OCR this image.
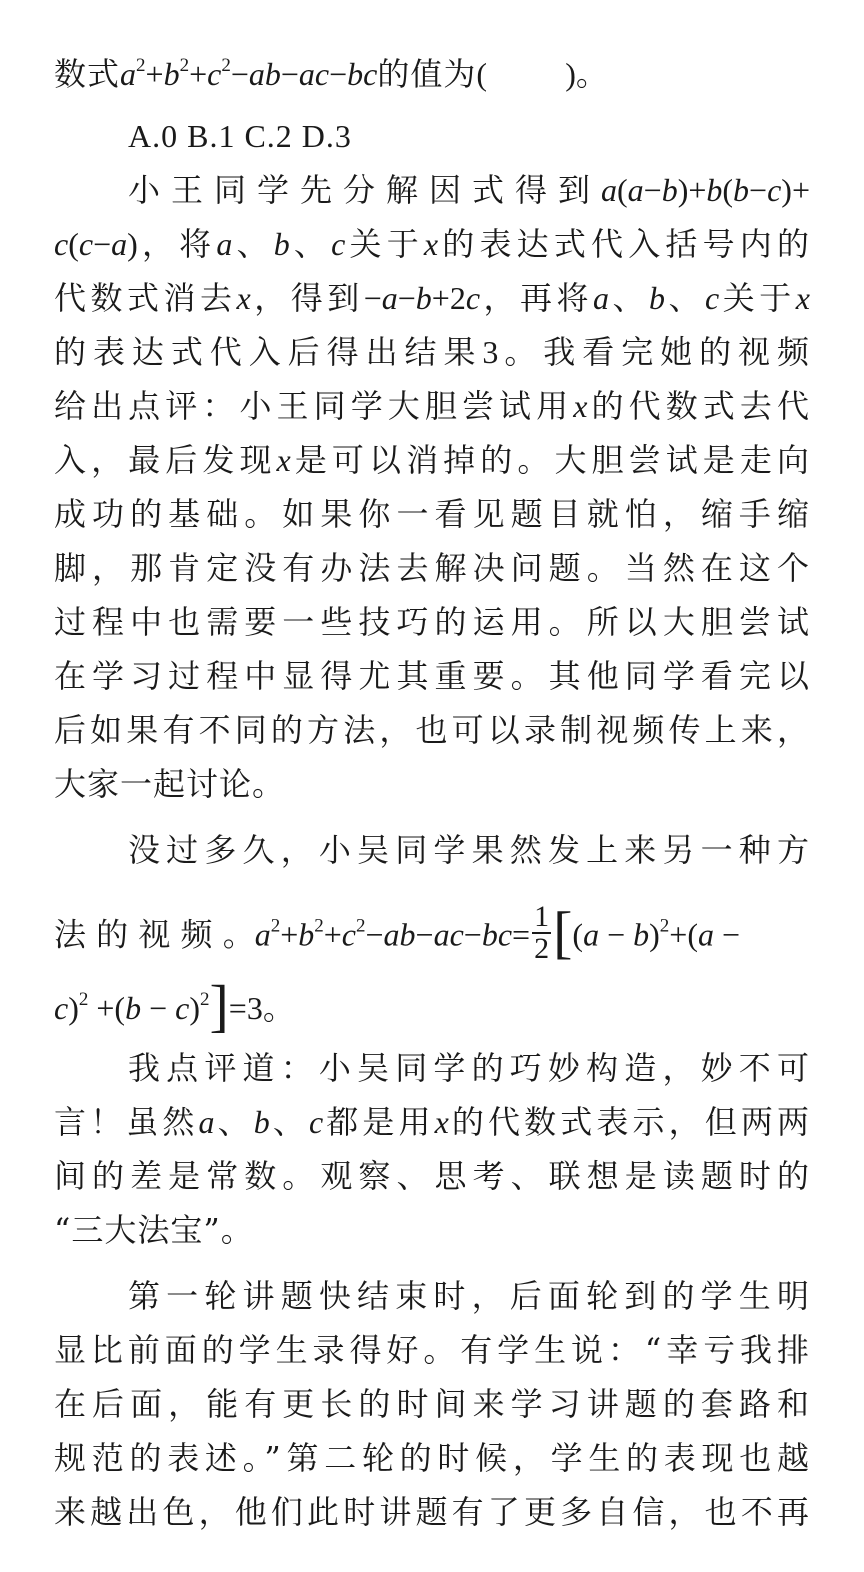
数式$a^2+b^2+c^2-ab-ac-bc$的值为( )。
A.0 B.1 C.2 D.3
小王同学先分解因式得到a(a−b)+b(b−c)+
c(c−a)，将a、b、c关于x的表达式代入括号内的
代数式消去x，得到−a−b+2c，再将a、b、c关于x
的表达式代入后得出结果3。我看完她的视频
给出点评：小王同学大胆尝试用x的代数式去代
入，最后发现x是可以消掉的。大胆尝试是走向
成功的基础。如果你一看见题目就怕，缩手缩
脚，那肯定没有办法去解决问题。当然在这个
过程中也需要一些技巧的运用。所以大胆尝试
在学习过程中显得尤其重要。其他同学看完以
后如果有不同的方法，也可以录制视频传上来，
大家一起讨论。
没过多久，小吴同学果然发上来另一种方
法 的 视 频 。$a^2+b^2+c^2-ab-ac-bc= \frac{1}{2} [(a - b)^2+(a$ −
$c)^2 +(b - c)^2]=3$。
我点评道：小吴同学的巧妙构造，妙不可
言！虽然a、b、c都是用x的代数式表示，但两两
间的差是常数。观察、思考、联想是读题时的
“三大法宝”。
第一轮讲题快结束时，后面轮到的学生明
显比前面的学生录得好。有学生说：“幸亏我排
在后面，能有更长的时间来学习讲题的套路和
规范的表述。”第二轮的时候，学生的表现也越
来越出色，他们此时讲题有了更多自信，也不再
